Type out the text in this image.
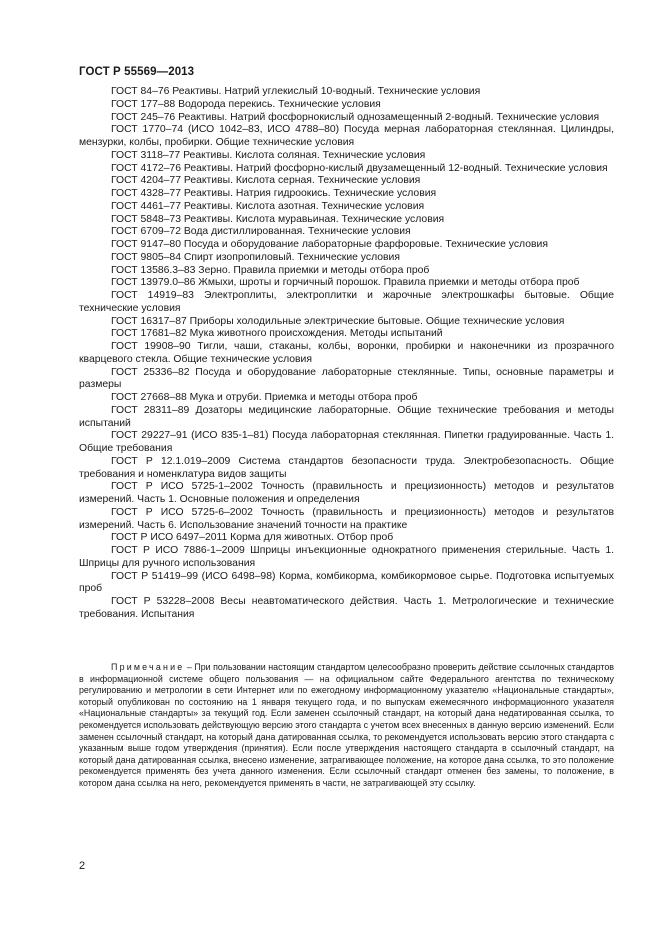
ГОСТ Р 55569—2013

ГОСТ 84–76 Реактивы. Натрий углекислый 10-водный. Технические условия

ГОСТ 177–88 Водорода перекись. Технические условия

ГОСТ 245–76 Реактивы. Натрий фосфорнокислый однозамещенный 2-водный. Технические условия

ГОСТ 1770–74 (ИСО 1042–83, ИСО 4788–80) Посуда мерная лабораторная стеклянная. Цилиндры, мензурки, колбы, пробирки. Общие технические условия

ГОСТ 3118–77 Реактивы. Кислота соляная. Технические условия

ГОСТ 4172–76 Реактивы. Натрий фосфорно-кислый двузамещенный 12-водный. Технические условия

ГОСТ 4204–77 Реактивы. Кислота серная. Технические условия

ГОСТ 4328–77 Реактивы. Натрия гидроокись. Технические условия

ГОСТ 4461–77 Реактивы. Кислота азотная. Технические условия

ГОСТ 5848–73 Реактивы. Кислота муравьиная. Технические условия

ГОСТ 6709–72 Вода дистиллированная. Технические условия

ГОСТ 9147–80 Посуда и оборудование лабораторные фарфоровые. Технические условия

ГОСТ 9805–84 Спирт изопропиловый. Технические условия

ГОСТ 13586.3–83 Зерно. Правила приемки и методы отбора проб

ГОСТ 13979.0–86 Жмыхи, шроты и горчичный порошок. Правила приемки и методы отбора проб

ГОСТ 14919–83 Электроплиты, электроплитки и жарочные электрошкафы бытовые. Общие технические условия

ГОСТ 16317–87 Приборы холодильные электрические бытовые. Общие технические условия

ГОСТ 17681–82 Мука животного происхождения. Методы испытаний

ГОСТ 19908–90 Тигли, чаши, стаканы, колбы, воронки, пробирки и наконечники из прозрачного кварцевого стекла. Общие технические условия

ГОСТ 25336–82 Посуда и оборудование лабораторные стеклянные. Типы, основные параметры и размеры

ГОСТ 27668–88 Мука и отруби. Приемка и методы отбора проб

ГОСТ 28311–89 Дозаторы медицинские лабораторные. Общие технические требования и методы испытаний

ГОСТ 29227–91 (ИСО 835-1–81) Посуда лабораторная стеклянная. Пипетки градуированные. Часть 1. Общие требования

ГОСТ Р 12.1.019–2009 Система стандартов безопасности труда. Электробезопасность. Общие требования и номенклатура видов защиты

ГОСТ Р ИСО 5725-1–2002 Точность (правильность и прецизионность) методов и результатов измерений. Часть 1. Основные положения и определения

ГОСТ Р ИСО 5725-6–2002 Точность (правильность и прецизионность) методов и результатов измерений. Часть 6. Использование значений точности на практике

ГОСТ Р ИСО 6497–2011 Корма для животных. Отбор проб

ГОСТ Р ИСО 7886-1–2009 Шприцы инъекционные однократного применения стерильные. Часть 1. Шприцы для ручного использования

ГОСТ Р 51419–99 (ИСО 6498–98) Корма, комбикорма, комбикормовое сырье. Подготовка испытуемых проб

ГОСТ Р 53228–2008 Весы неавтоматического действия. Часть 1. Метрологические и технические требования. Испытания

Примечание – При пользовании настоящим стандартом целесообразно проверить действие ссылочных стандартов в информационной системе общего пользования — на официальном сайте Федерального агентства по техническому регулированию и метрологии в сети Интернет или по ежегодному информационному указателю «Национальные стандарты», который опубликован по состоянию на 1 января текущего года, и по выпускам ежемесячного информационного указателя «Национальные стандарты» за текущий год. Если заменен ссылочный стандарт, на который дана недатированная ссылка, то рекомендуется использовать действующую версию этого стандарта с учетом всех внесенных в данную версию изменений. Если заменен ссылочный стандарт, на который дана датированная ссылка, то рекомендуется использовать версию этого стандарта с указанным выше годом утверждения (принятия). Если после утверждения настоящего стандарта в ссылочный стандарт, на который дана датированная ссылка, внесено изменение, затрагивающее положение, на которое дана ссылка, то это положение рекомендуется применять без учета данного изменения. Если ссылочный стандарт отменен без замены, то положение, в котором дана ссылка на него, рекомендуется применять в части, не затрагивающей эту ссылку.

2
